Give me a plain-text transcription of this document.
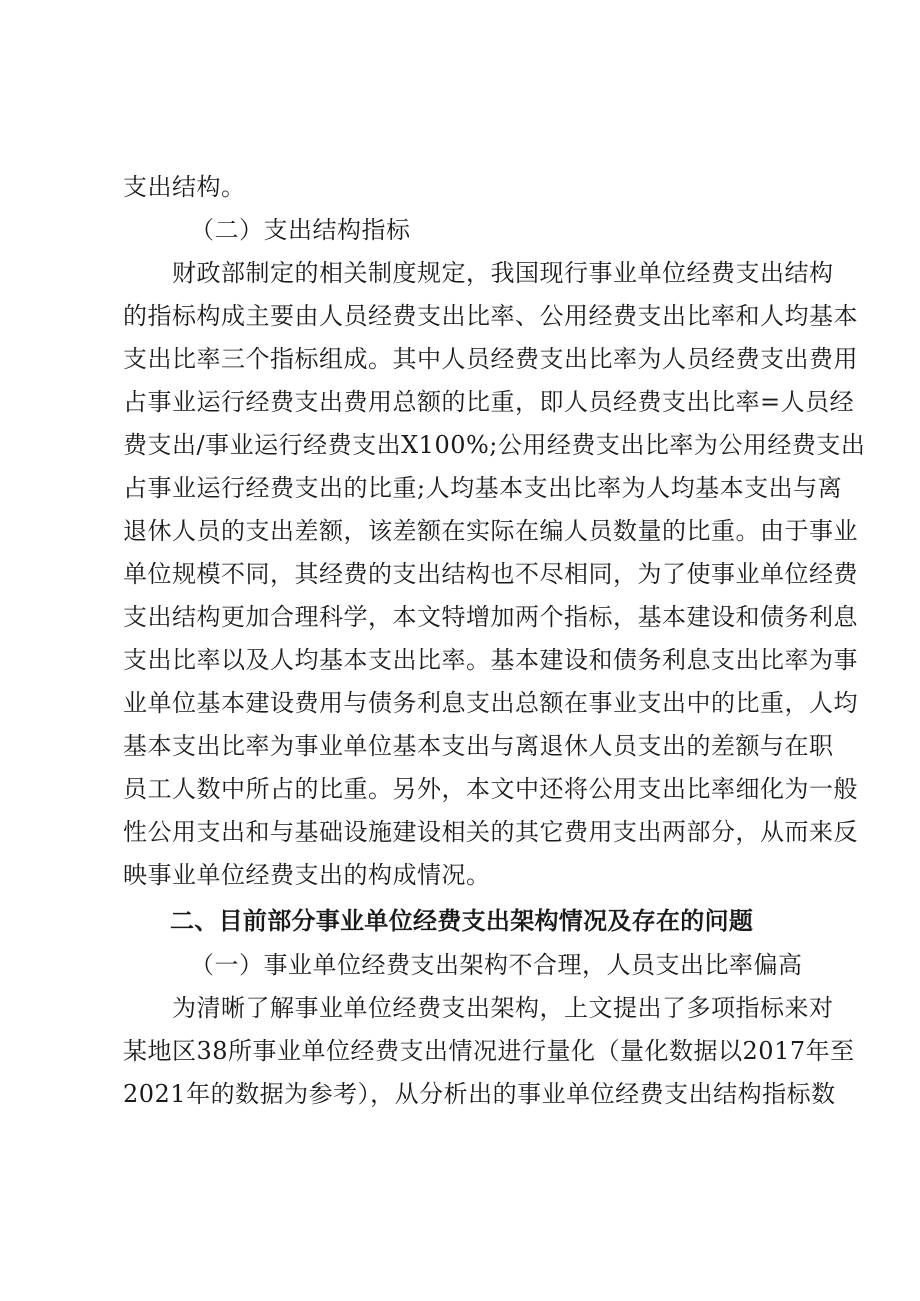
支出结构。
（二）支出结构指标
财政部制定的相关制度规定，我国现行事业单位经费支出结构
的指标构成主要由人员经费支出比率、公用经费支出比率和人均基本
支出比率三个指标组成。其中人员经费支出比率为人员经费支出费用
占事业运行经费支出费用总额的比重，即人员经费支出比率=人员经
费支出/事业运行经费支出X100%;公用经费支出比率为公用经费支出
占事业运行经费支出的比重;人均基本支出比率为人均基本支出与离
退休人员的支出差额，该差额在实际在编人员数量的比重。由于事业
单位规模不同，其经费的支出结构也不尽相同，为了使事业单位经费
支出结构更加合理科学，本文特增加两个指标，基本建设和债务利息
支出比率以及人均基本支出比率。基本建设和债务利息支出比率为事
业单位基本建设费用与债务利息支出总额在事业支出中的比重，人均
基本支出比率为事业单位基本支出与离退休人员支出的差额与在职
员工人数中所占的比重。另外，本文中还将公用支出比率细化为一般
性公用支出和与基础设施建设相关的其它费用支出两部分，从而来反
映事业单位经费支出的构成情况。
二、目前部分事业单位经费支出架构情况及存在的问题
（一）事业单位经费支出架构不合理，人员支出比率偏高
为清晰了解事业单位经费支出架构，上文提出了多项指标来对
某地区38所事业单位经费支出情况进行量化（量化数据以2017年至
2021年的数据为参考），从分析出的事业单位经费支出结构指标数
